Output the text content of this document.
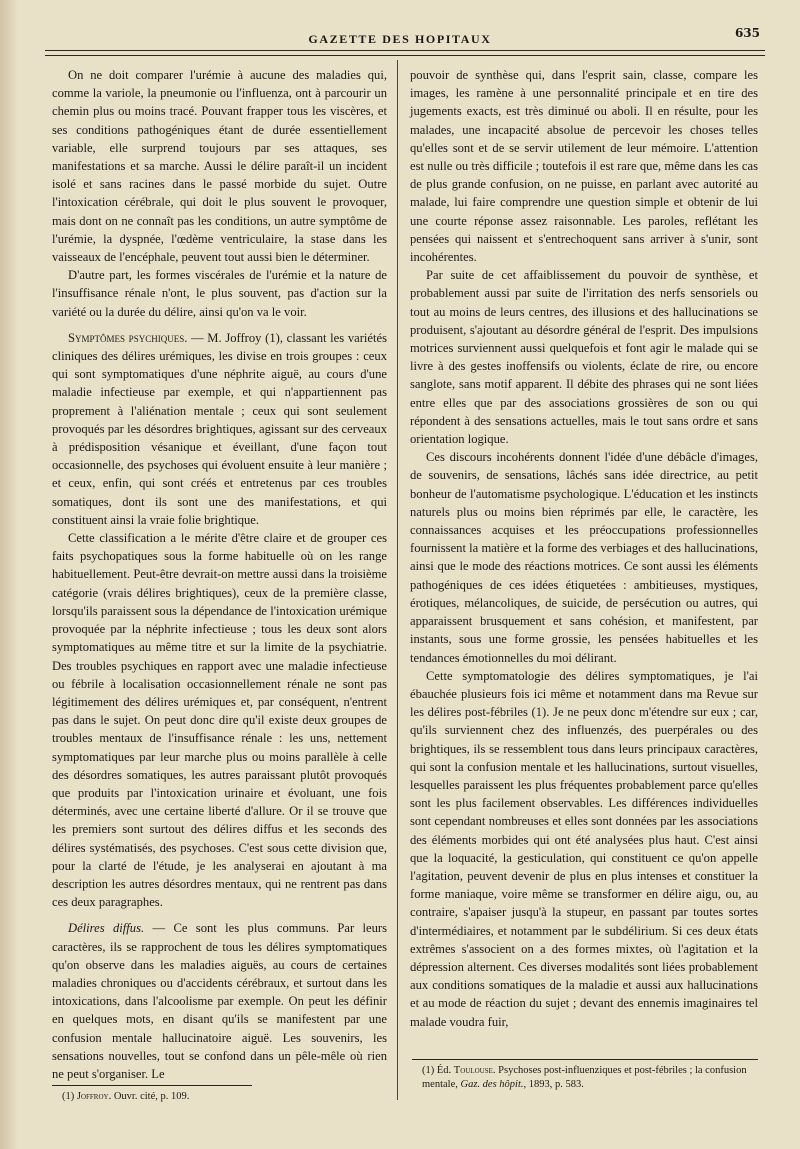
GAZETTE DES HOPITAUX	635

On ne doit comparer l'urémie à aucune des maladies qui, comme la variole, la pneumonie ou l'influenza, ont à parcourir un chemin plus ou moins tracé. Pouvant frapper tous les viscères, et ses conditions pathogéniques étant de durée essentiellement variable, elle surprend toujours par ses attaques, ses manifestations et sa marche. Aussi le délire paraît-il un incident isolé et sans racines dans le passé morbide du sujet. Outre l'intoxication cérébrale, qui doit le plus souvent le provoquer, mais dont on ne connaît pas les conditions, un autre symptôme de l'urémie, la dyspnée, l'œdème ventriculaire, la stase dans les vaisseaux de l'encéphale, peuvent tout aussi bien le déterminer.

D'autre part, les formes viscérales de l'urémie et la nature de l'insuffisance rénale n'ont, le plus souvent, pas d'action sur la variété ou la durée du délire, ainsi qu'on va le voir.

Symptômes psychiques. — M. Joffroy (1), classant les variétés cliniques des délires urémiques, les divise en trois groupes : ceux qui sont symptomatiques d'une néphrite aiguë, au cours d'une maladie infectieuse par exemple, et qui n'appartiennent pas proprement à l'aliénation mentale ; ceux qui sont seulement provoqués par les désordres brightiques, agissant sur des cerveaux à prédisposition vésanique et éveillant, d'une façon tout occasionnelle, des psychoses qui évoluent ensuite à leur manière ; et ceux, enfin, qui sont créés et entretenus par ces troubles somatiques, dont ils sont une des manifestations, et qui constituent ainsi la vraie folie brightique.

Cette classification a le mérite d'être claire et de grouper ces faits psychopatiques sous la forme habituelle où on les range habituellement. Peut-être devrait-on mettre aussi dans la troisième catégorie (vrais délires brightiques), ceux de la première classe, lorsqu'ils paraissent sous la dépendance de l'intoxication urémique provoquée par la néphrite infectieuse ; tous les deux sont alors symptomatiques au même titre et sur la limite de la psychiatrie. Des troubles psychiques en rapport avec une maladie infectieuse ou fébrile à localisation occasionnellement rénale ne sont pas légitimement des délires urémiques et, par conséquent, n'entrent pas dans le sujet. On peut donc dire qu'il existe deux groupes de troubles mentaux de l'insuffisance rénale : les uns, nettement symptomatiques par leur marche plus ou moins parallèle à celle des désordres somatiques, les autres paraissant plutôt provoqués que produits par l'intoxication urinaire et évoluant, une fois déterminés, avec une certaine liberté d'allure. Or il se trouve que les premiers sont surtout des délires diffus et les seconds des délires systématisés, des psychoses. C'est sous cette division que, pour la clarté de l'étude, je les analyserai en ajoutant à ma description les autres désordres mentaux, qui ne rentrent pas dans ces deux paragraphes.

Délires diffus. — Ce sont les plus communs. Par leurs caractères, ils se rapprochent de tous les délires symptomatiques qu'on observe dans les maladies aiguës, au cours de certaines maladies chroniques ou d'accidents cérébraux, et surtout dans les intoxications, dans l'alcoolisme par exemple. On peut les définir en quelques mots, en disant qu'ils se manifestent par une confusion mentale hallucinatoire aiguë. Les souvenirs, les sensations nouvelles, tout se confond dans un pêle-mêle où rien ne peut s'organiser. Le

pouvoir de synthèse qui, dans l'esprit sain, classe, compare les images, les ramène à une personnalité principale et en tire des jugements exacts, est très diminué ou aboli. Il en résulte, pour les malades, une incapacité absolue de percevoir les choses telles qu'elles sont et de se servir utilement de leur mémoire. L'attention est nulle ou très difficile ; toutefois il est rare que, même dans les cas de plus grande confusion, on ne puisse, en parlant avec autorité au malade, lui faire comprendre une question simple et obtenir de lui une courte réponse assez raisonnable. Les paroles, reflétant les pensées qui naissent et s'entrechoquent sans arriver à s'unir, sont incohérentes.

Par suite de cet affaiblissement du pouvoir de synthèse, et probablement aussi par suite de l'irritation des nerfs sensoriels ou tout au moins de leurs centres, des illusions et des hallucinations se produisent, s'ajoutant au désordre général de l'esprit. Des impulsions motrices surviennent aussi quelquefois et font agir le malade qui se livre à des gestes inoffensifs ou violents, éclate de rire, ou encore sanglote, sans motif apparent. Il débite des phrases qui ne sont liées entre elles que par des associations grossières de son ou qui répondent à des sensations actuelles, mais le tout sans ordre et sans orientation logique.

Ces discours incohérents donnent l'idée d'une débâcle d'images, de souvenirs, de sensations, lâchés sans idée directrice, au petit bonheur de l'automatisme psychologique. L'éducation et les instincts naturels plus ou moins bien réprimés par elle, le caractère, les connaissances acquises et les préoccupations professionnelles fournissent la matière et la forme des verbiages et des hallucinations, ainsi que le mode des réactions motrices. Ce sont aussi les éléments pathogéniques de ces idées étiquetées : ambitieuses, mystiques, érotiques, mélancoliques, de suicide, de persécution ou autres, qui apparaissent brusquement et sans cohésion, et manifestent, par instants, sous une forme grossie, les pensées habituelles et les tendances émotionnelles du moi délirant.

Cette symptomatologie des délires symptomatiques, je l'ai ébauchée plusieurs fois ici même et notamment dans ma Revue sur les délires post-fébriles (1). Je ne peux donc m'étendre sur eux ; car, qu'ils surviennent chez des influenzés, des puerpérales ou des brightiques, ils se ressemblent tous dans leurs principaux caractères, qui sont la confusion mentale et les hallucinations, surtout visuelles, lesquelles paraissent les plus fréquentes probablement parce qu'elles sont les plus facilement observables. Les différences individuelles sont cependant nombreuses et elles sont données par les associations des éléments morbides qui ont été analysées plus haut. C'est ainsi que la loquacité, la gesticulation, qui constituent ce qu'on appelle l'agitation, peuvent devenir de plus en plus intenses et constituer la forme maniaque, voire même se transformer en délire aigu, ou, au contraire, s'apaiser jusqu'à la stupeur, en passant par toutes sortes d'intermédiaires, et notamment par le subdélirium. Si ces deux états extrêmes s'associent on a des formes mixtes, où l'agitation et la dépression alternent. Ces diverses modalités sont liées probablement aux conditions somatiques de la maladie et aussi aux hallucinations et au mode de réaction du sujet ; devant des ennemis imaginaires tel malade voudra fuir,

(1) Joffroy. Ouvr. cité, p. 109.
(1) Éd. Toulouse. Psychoses post-influenziques et post-fébriles ; la confusion mentale, Gaz. des hôpit., 1893, p. 583.
